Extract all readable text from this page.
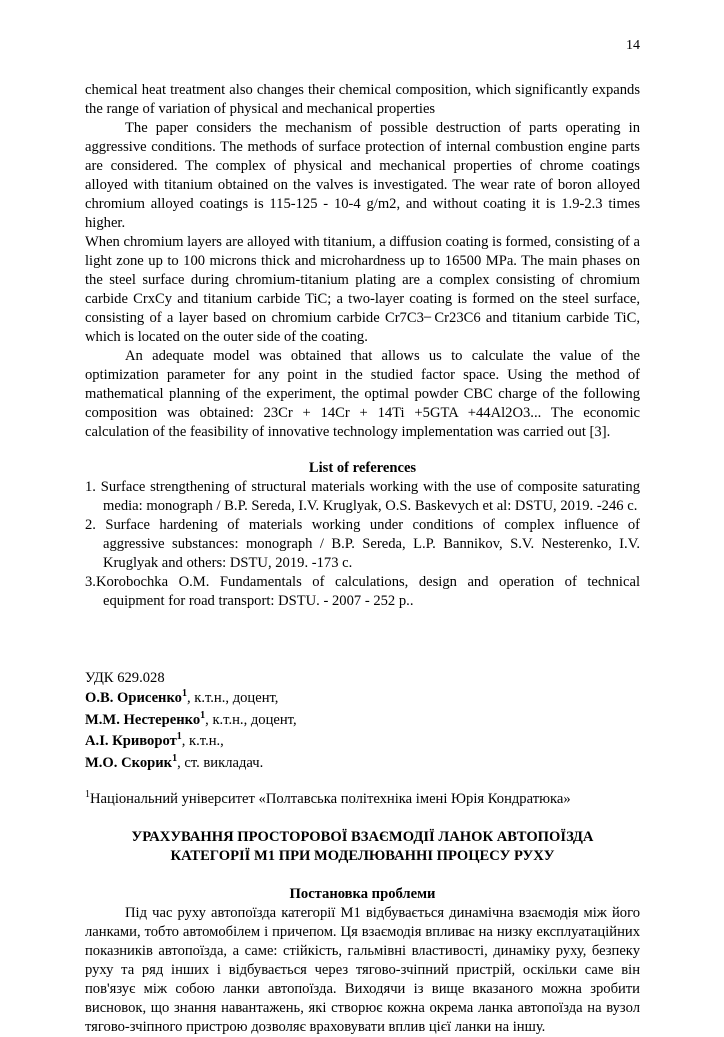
14

chemical heat treatment also changes their chemical composition, which significantly expands the range of variation of physical and mechanical properties

The paper considers the mechanism of possible destruction of parts operating in aggressive conditions. The methods of surface protection of internal combustion engine parts are considered. The complex of physical and mechanical properties of chrome coatings alloyed with titanium obtained on the valves is investigated. The wear rate of boron alloyed chromium alloyed coatings is 115-125 - 10-4 g/m2, and without coating it is 1.9-2.3 times higher.

When chromium layers are alloyed with titanium, a diffusion coating is formed, consisting of a light zone up to 100 microns thick and microhardness up to 16500 MPa. The main phases on the steel surface during chromium-titanium plating are a complex consisting of chromium carbide CrxCy and titanium carbide TiC; a two-layer coating is formed on the steel surface, consisting of a layer based on chromium carbide Cr7C3 ̶ Cr23C6 and titanium carbide TiC, which is located on the outer side of the coating.

An adequate model was obtained that allows us to calculate the value of the optimization parameter for any point in the studied factor space. Using the method of mathematical planning of the experiment, the optimal powder CBC charge of the following composition was obtained: 23Cr + 14Cr + 14Ti +5GTA +44Al2O3... The economic calculation of the feasibility of innovative technology implementation was carried out [3].

List of references
1. Surface strengthening of structural materials working with the use of composite saturating media: monograph / B.P. Sereda, I.V. Kruglyak, O.S. Baskevych et al: DSTU, 2019. -246 с.
2. Surface hardening of materials working under conditions of complex influence of aggressive substances: monograph / B.P. Sereda, L.P. Bannikov, S.V. Nesterenko, I.V. Kruglyak and others: DSTU, 2019. -173 с.
3.Korobochka O.M. Fundamentals of calculations, design and operation of technical equipment for road transport: DSTU. - 2007 - 252 р..
УДК 629.028
О.В. Орисенко$^1$, к.т.н., доцент,
М.М. Нестеренко$^1$, к.т.н., доцент,
А.І. Криворот$^1$, к.т.н.,
М.О. Скорик$^1$, ст. викладач.
$^1$Національний університет «Полтавська політехніка імені Юрія Кондратюка»
УРАХУВАННЯ ПРОСТОРОВОЇ ВЗАЄМОДІЇ ЛАНОК АВТОПОЇЗДА
КАТЕГОРІЇ М1 ПРИ МОДЕЛЮВАННІ ПРОЦЕСУ РУХУ
Постановка проблеми

Під час руху автопоїзда категорії М1 відбувається динамічна взаємодія між його ланками, тобто автомобілем і причепом. Ця взаємодія впливає на низку експлуатаційних показників автопоїзда, а саме: стійкість, гальмівні властивості, динаміку руху, безпеку руху та ряд інших і відбувається через тягово-зчіпний пристрій, оскільки саме він пов'язує між собою ланки автопоїзда. Виходячи із вище вказаного можна зробити висновок, що знання навантажень, які створює кожна окрема ланка автопоїзда на вузол тягово-зчіпного пристрою дозволяє враховувати вплив цієї ланки на іншу.
